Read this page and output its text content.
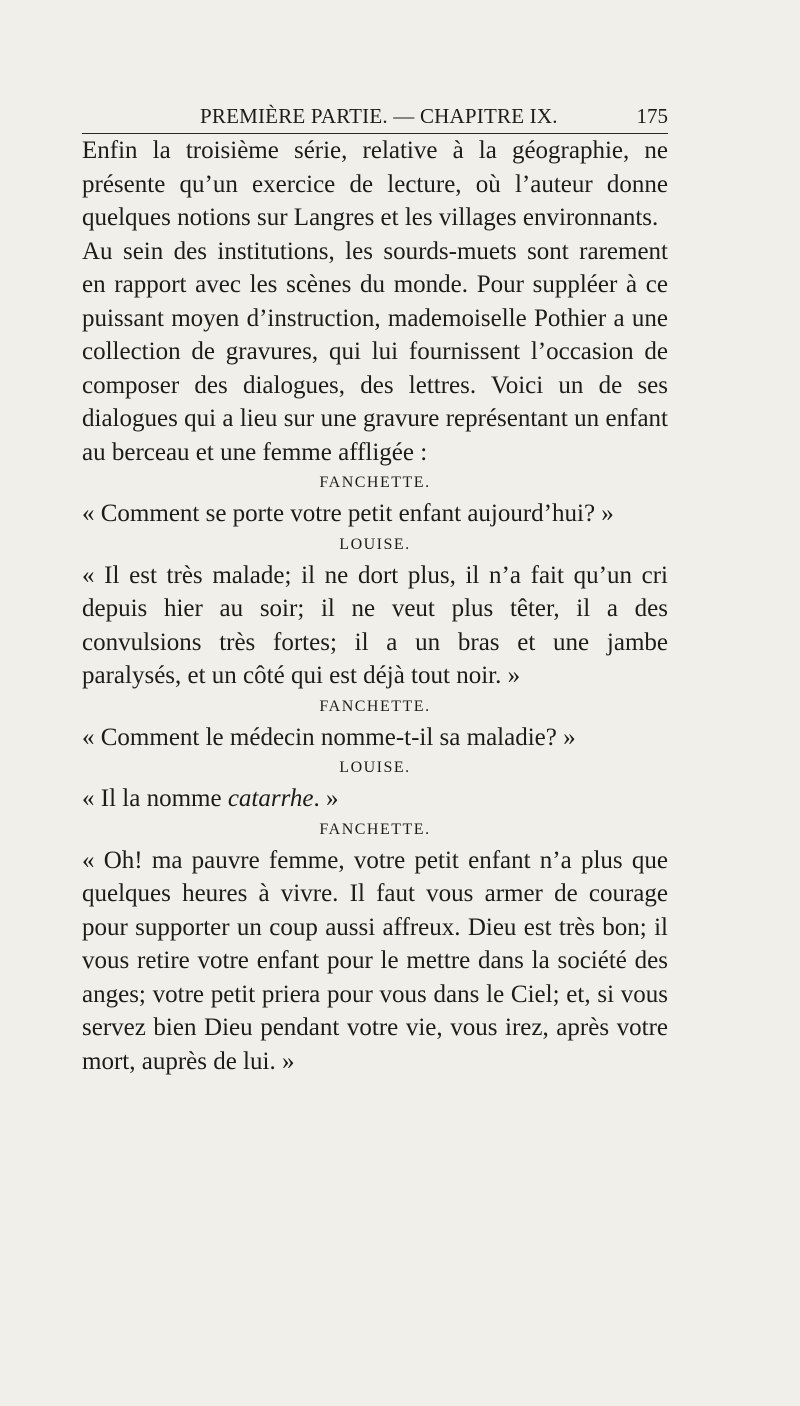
PREMIÈRE PARTIE. — CHAPITRE IX.	175

Enfin la troisième série, relative à la géographie, ne présente qu’un exercice de lecture, où l’auteur donne quelques notions sur Langres et les villages environnants.

Au sein des institutions, les sourds-muets sont rarement en rapport avec les scènes du monde. Pour suppléer à ce puissant moyen d’instruction, mademoiselle Pothier a une collection de gravures, qui lui fournissent l’occasion de composer des dialogues, des lettres. Voici un de ses dialogues qui a lieu sur une gravure représentant un enfant au berceau et une femme affligée :

FANCHETTE.

« Comment se porte votre petit enfant aujourd’hui? »

LOUISE.

« Il est très malade; il ne dort plus, il n’a fait qu’un cri depuis hier au soir; il ne veut plus têter, il a des convulsions très fortes; il a un bras et une jambe paralysés, et un côté qui est déjà tout noir. »

FANCHETTE.

« Comment le médecin nomme-t-il sa maladie? »

LOUISE.

« Il la nomme catarrhe. »

FANCHETTE.

« Oh! ma pauvre femme, votre petit enfant n’a plus que quelques heures à vivre. Il faut vous armer de courage pour supporter un coup aussi affreux. Dieu est très bon; il vous retire votre enfant pour le mettre dans la société des anges; votre petit priera pour vous dans le Ciel; et, si vous servez bien Dieu pendant votre vie, vous irez, après votre mort, auprès de lui. »
